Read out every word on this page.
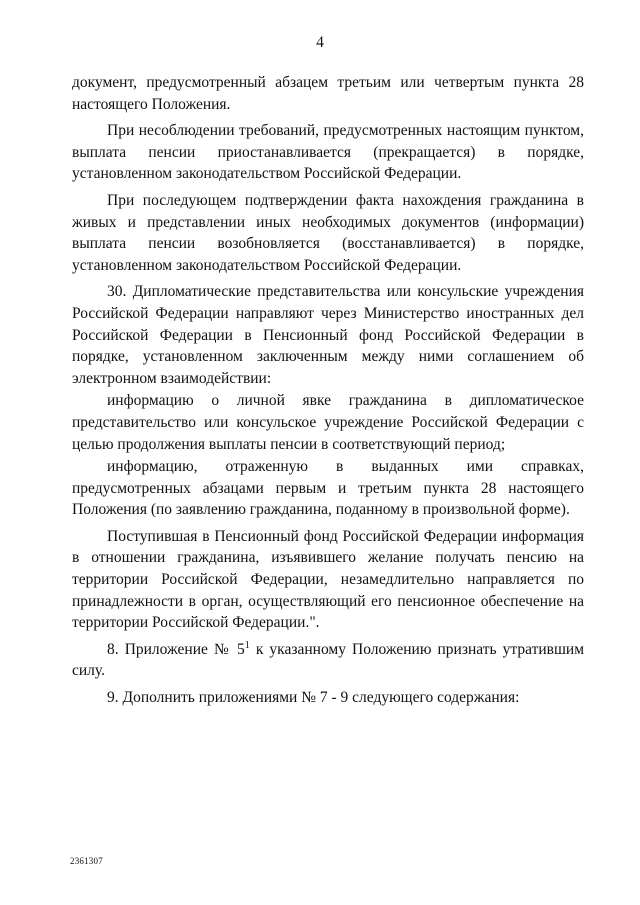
4

документ, предусмотренный абзацем третьим или четвертым пункта 28 настоящего Положения.

При несоблюдении требований, предусмотренных настоящим пунктом, выплата пенсии приостанавливается (прекращается) в порядке, установленном законодательством Российской Федерации.

При последующем подтверждении факта нахождения гражданина в живых и представлении иных необходимых документов (информации) выплата пенсии возобновляется (восстанавливается) в порядке, установленном законодательством Российской Федерации.

30. Дипломатические представительства или консульские учреждения Российской Федерации направляют через Министерство иностранных дел Российской Федерации в Пенсионный фонд Российской Федерации в порядке, установленном заключенным между ними соглашением об электронном взаимодействии:

информацию о личной явке гражданина в дипломатическое представительство или консульское учреждение Российской Федерации с целью продолжения выплаты пенсии в соответствующий период;

информацию, отраженную в выданных ими справках, предусмотренных абзацами первым и третьим пункта 28 настоящего Положения (по заявлению гражданина, поданному в произвольной форме).

Поступившая в Пенсионный фонд Российской Федерации информация в отношении гражданина, изъявившего желание получать пенсию на территории Российской Федерации, незамедлительно направляется по принадлежности в орган, осуществляющий его пенсионное обеспечение на территории Российской Федерации.".

8. Приложение № $5^1$ к указанному Положению признать утратившим силу.

9. Дополнить приложениями № 7 - 9 следующего содержания:

2361307
